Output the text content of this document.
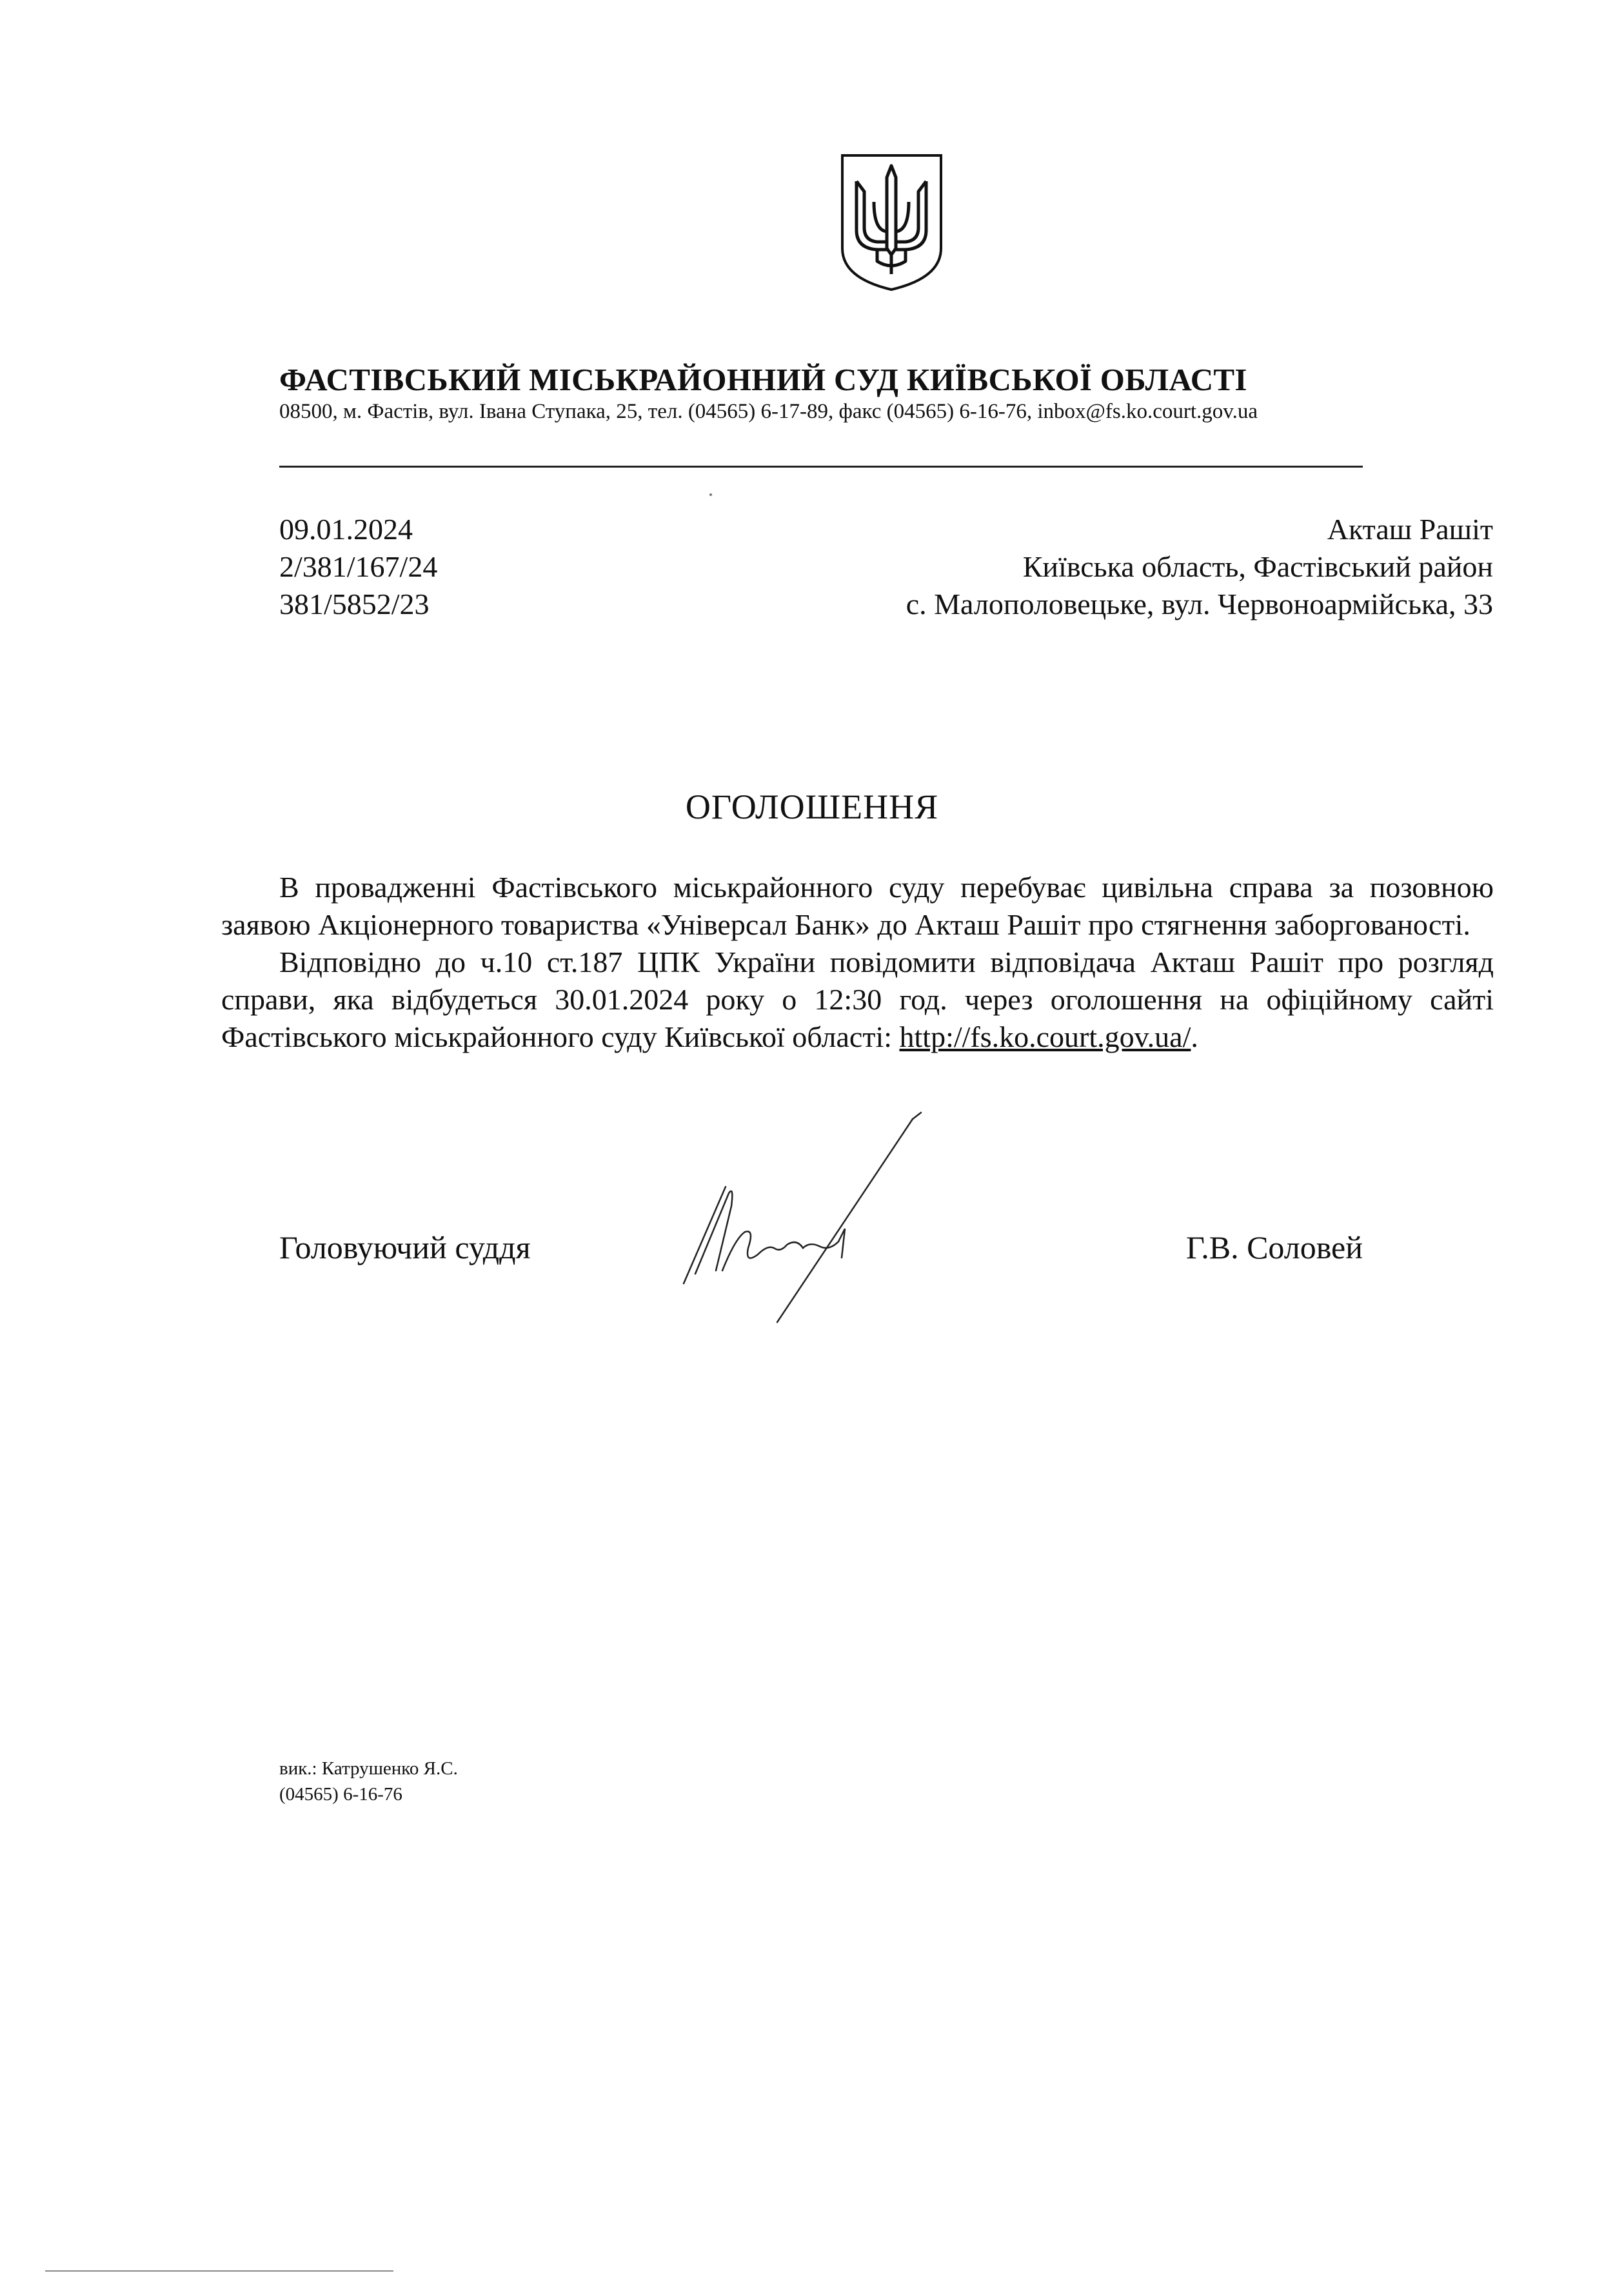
ФАСТІВСЬКИЙ МІСЬКРАЙОННИЙ СУД КИЇВСЬКОЇ ОБЛАСТІ
08500, м. Фастів, вул. Івана Ступака, 25, тел. (04565) 6-17-89, факс (04565) 6-16-76, inbox@fs.ko.court.gov.ua
09.01.2024
2/381/167/24
381/5852/23
Акташ Рашіт
Київська область, Фастівський район
с. Малополовецьке, вул. Червоноармійська, 33
ОГОЛОШЕННЯ

В провадженні Фастівського міськрайонного суду перебуває цивільна справа за позовною заявою Акціонерного товариства «Універсал Банк» до Акташ Рашіт про стягнення заборгованості.

Відповідно до ч.10 ст.187 ЦПК України повідомити відповідача Акташ Рашіт про розгляд справи, яка відбудеться 30.01.2024 року о 12:30 год. через оголошення на офіційному сайті Фастівського міськрайонного суду Київської області: http://fs.ko.court.gov.ua/.

Головуючий суддя	Г.В. Соловей
вик.: Катрушенко Я.С.
(04565) 6-16-76
